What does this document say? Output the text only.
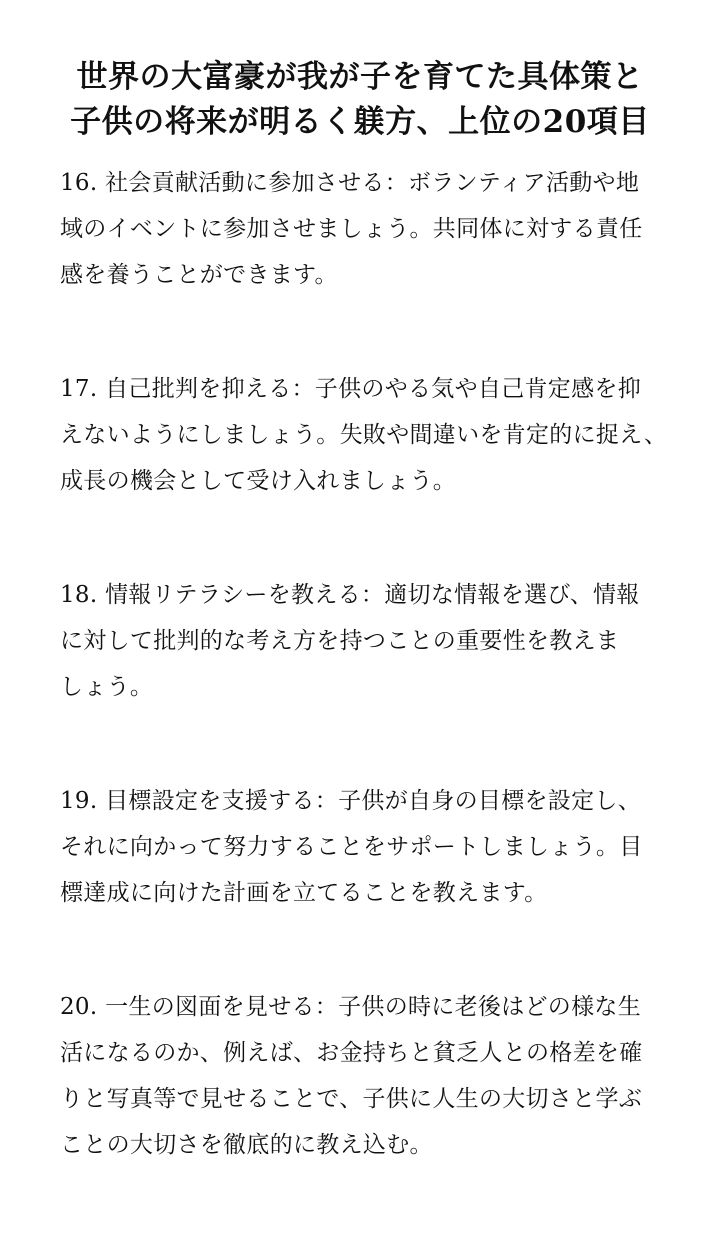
世界の大富豪が我が子を育てた具体策と
子供の将来が明るく躾方、上位の20項目
16. 社会貢献活動に参加させる：ボランティア活動や地
域のイベントに参加させましょう。共同体に対する責任
感を養うことができます。
17. 自己批判を抑える：子供のやる気や自己肯定感を抑
えないようにしましょう。失敗や間違いを肯定的に捉え、
成長の機会として受け入れましょう。
18. 情報リテラシーを教える：適切な情報を選び、情報
に対して批判的な考え方を持つことの重要性を教えま
しょう。
19. 目標設定を支援する：子供が自身の目標を設定し、
それに向かって努力することをサポートしましょう。目
標達成に向けた計画を立てることを教えます。
20. 一生の図面を見せる：子供の時に老後はどの様な生
活になるのか、例えば、お金持ちと貧乏人との格差を確
りと写真等で見せることで、子供に人生の大切さと学ぶ
ことの大切さを徹底的に教え込む。
